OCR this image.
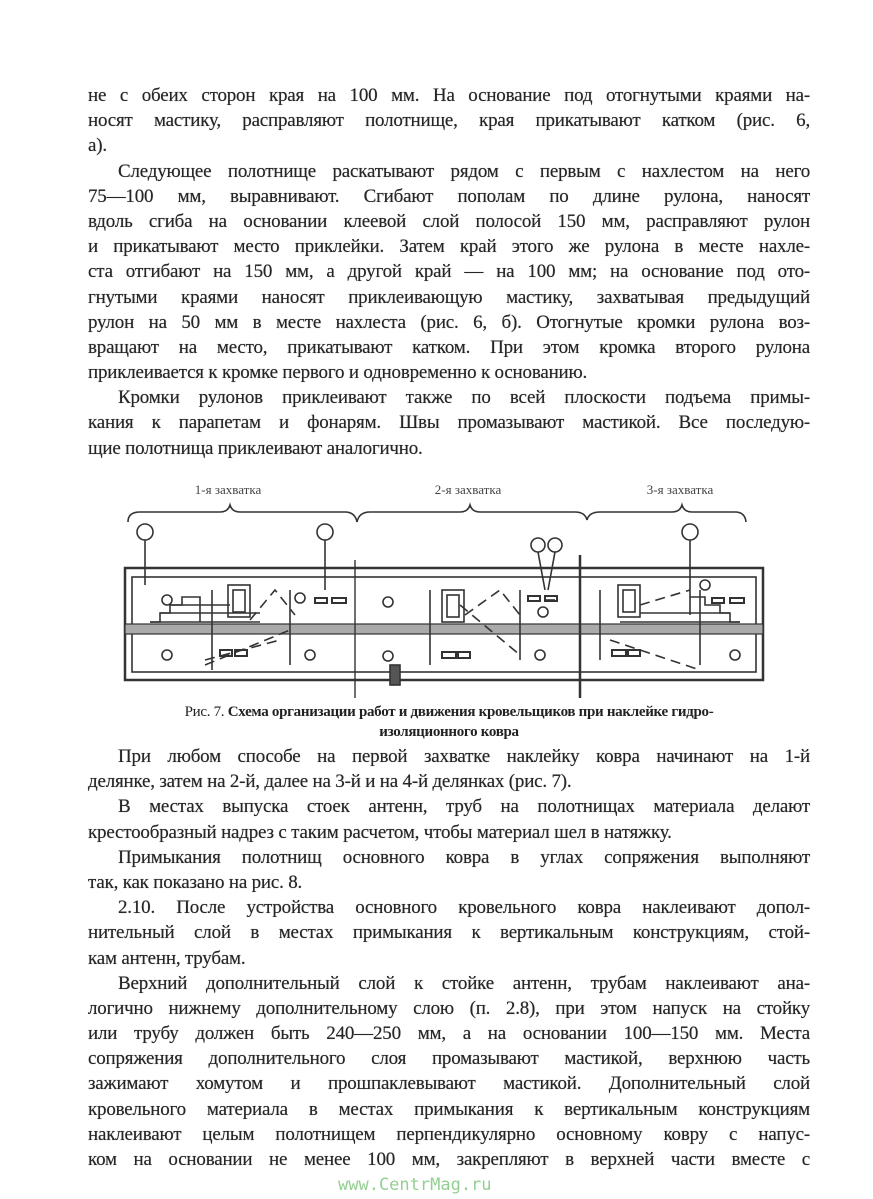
не с обеих сторон края на 100 мм. На основание под отогнутыми краями на-
носят мастику, расправляют полотнище, края прикатывают катком (рис. 6,
а).
Следующее полотнище раскатывают рядом с первым с нахлестом на него
75—100 мм, выравнивают. Сгибают пополам по длине рулона, наносят
вдоль сгиба на основании клеевой слой полосой 150 мм, расправляют рулон
и прикатывают место приклейки. Затем край этого же рулона в месте нахле-
ста отгибают на 150 мм, а другой край — на 100 мм; на основание под ото-
гнутыми краями наносят приклеивающую мастику, захватывая предыдущий
рулон на 50 мм в месте нахлеста (рис. 6, б). Отогнутые кромки рулона воз-
вращают на место, прикатывают катком. При этом кромка второго рулона
приклеивается к кромке первого и одновременно к основанию.
Кромки рулонов приклеивают также по всей плоскости подъема примы-
кания к парапетам и фонарям. Швы промазывают мастикой. Все последую-
щие полотнища приклеивают аналогично.
1-я захватка	2-я захватка	3-я захватка
Рис. 7. Схема организации работ и движения кровельщиков при наклейке гидро-
изоляционного ковра
При любом способе на первой захватке наклейку ковра начинают на 1-й
делянке, затем на 2-й, далее на 3-й и на 4-й делянках (рис. 7).
В местах выпуска стоек антенн, труб на полотнищах материала делают
крестообразный надрез с таким расчетом, чтобы материал шел в натяжку.
Примыкания полотнищ основного ковра в углах сопряжения выполняют
так, как показано на рис. 8.
2.10. После устройства основного кровельного ковра наклеивают допол-
нительный слой в местах примыкания к вертикальным конструкциям, стой-
кам антенн, трубам.
Верхний дополнительный слой к стойке антенн, трубам наклеивают ана-
логично нижнему дополнительному слою (п. 2.8), при этом напуск на стойку
или трубу должен быть 240—250 мм, а на основании 100—150 мм. Места
сопряжения дополнительного слоя промазывают мастикой, верхнюю часть
зажимают хомутом и прошпаклевывают мастикой. Дополнительный слой
кровельного материала в местах примыкания к вертикальным конструкциям
наклеивают целым полотнищем перпендикулярно основному ковру с напус-
ком на основании не менее 100 мм, закрепляют в верхней части вместе с
www.CentrMag.ru
